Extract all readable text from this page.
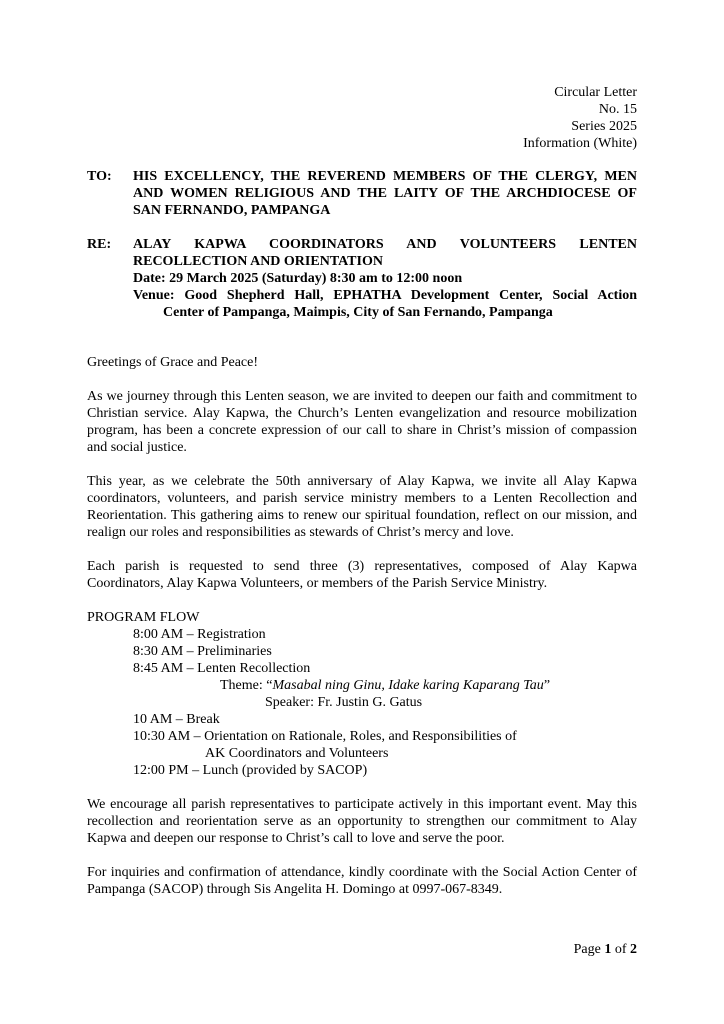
Circular Letter
No. 15
Series 2025
Information (White)
TO:	HIS EXCELLENCY, THE REVEREND MEMBERS OF THE CLERGY, MEN
AND WOMEN RELIGIOUS AND THE LAITY OF THE ARCHDIOCESE OF
SAN FERNANDO, PAMPANGA
RE:	ALAY KAPWA COORDINATORS AND VOLUNTEERS LENTEN
RECOLLECTION AND ORIENTATION
Date: 29 March 2025 (Saturday) 8:30 am to 12:00 noon
Venue: Good Shepherd Hall, EPHATHA Development Center, Social Action
Center of Pampanga, Maimpis, City of San Fernando, Pampanga
Greetings of Grace and Peace!
As we journey through this Lenten season, we are invited to deepen our faith and commitment to Christian service. Alay Kapwa, the Church’s Lenten evangelization and resource mobilization program, has been a concrete expression of our call to share in Christ’s mission of compassion and social justice.
This year, as we celebrate the 50th anniversary of Alay Kapwa, we invite all Alay Kapwa coordinators, volunteers, and parish service ministry members to a Lenten Recollection and Reorientation. This gathering aims to renew our spiritual foundation, reflect on our mission, and realign our roles and responsibilities as stewards of Christ’s mercy and love.
Each parish is requested to send three (3) representatives, composed of Alay Kapwa Coordinators, Alay Kapwa Volunteers, or members of the Parish Service Ministry.
PROGRAM FLOW
8:00 AM – Registration
8:30 AM – Preliminaries
8:45 AM – Lenten Recollection
Theme: “Masabal ning Ginu, Idake karing Kaparang Tau”
Speaker: Fr. Justin G. Gatus
10 AM – Break
10:30 AM – Orientation on Rationale, Roles, and Responsibilities of
AK Coordinators and Volunteers
12:00 PM – Lunch (provided by SACOP)
We encourage all parish representatives to participate actively in this important event. May this recollection and reorientation serve as an opportunity to strengthen our commitment to Alay Kapwa and deepen our response to Christ’s call to love and serve the poor.
For inquiries and confirmation of attendance, kindly coordinate with the Social Action Center of Pampanga (SACOP) through Sis Angelita H. Domingo at 0997-067-8349.
Page 1 of 2
